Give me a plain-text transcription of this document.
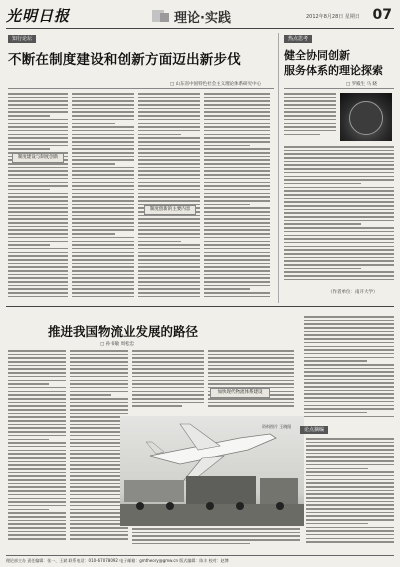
光明日报	理论·实践	2012年8月28日 星期日 07
知行论坛
不断在制度建设和创新方面迈出新步伐
□ 山东省中国特色社会主义理论体系研究中心
制度建设与制度创新
制度创新的主要内容
热点思考
健全协同创新
服务体系的理论探索
□ 罗殿生 马 晓
（作者单位：南开大学）
推进我国物流业发展的路径
□ 孙书敏 周松忠
加快现代物流体系建设
资料图片 王晓阳
论点摘编
理论部主办 责任编辑：张一、王斌 联系电话：010-67078092 电子邮箱：gmtheory@gmw.cn 版式编辑：陈丰 校对：赵博
